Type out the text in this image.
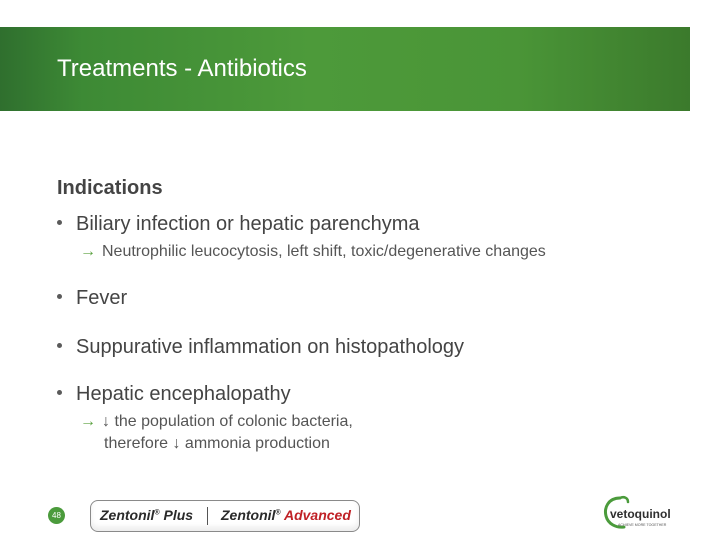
Treatments - Antibiotics
Indications
Biliary infection or hepatic parenchyma
→ Neutrophilic leucocytosis, left shift, toxic/degenerative changes
Fever
Suppurative inflammation on histopathology
Hepatic encephalopathy
→ ↓ the population of colonic bacteria,
therefore ↓ ammonia production
48	Zentonil® Plus Zentonil® Advanced	vetoquinol
ACHIEVE MORE TOGETHER
